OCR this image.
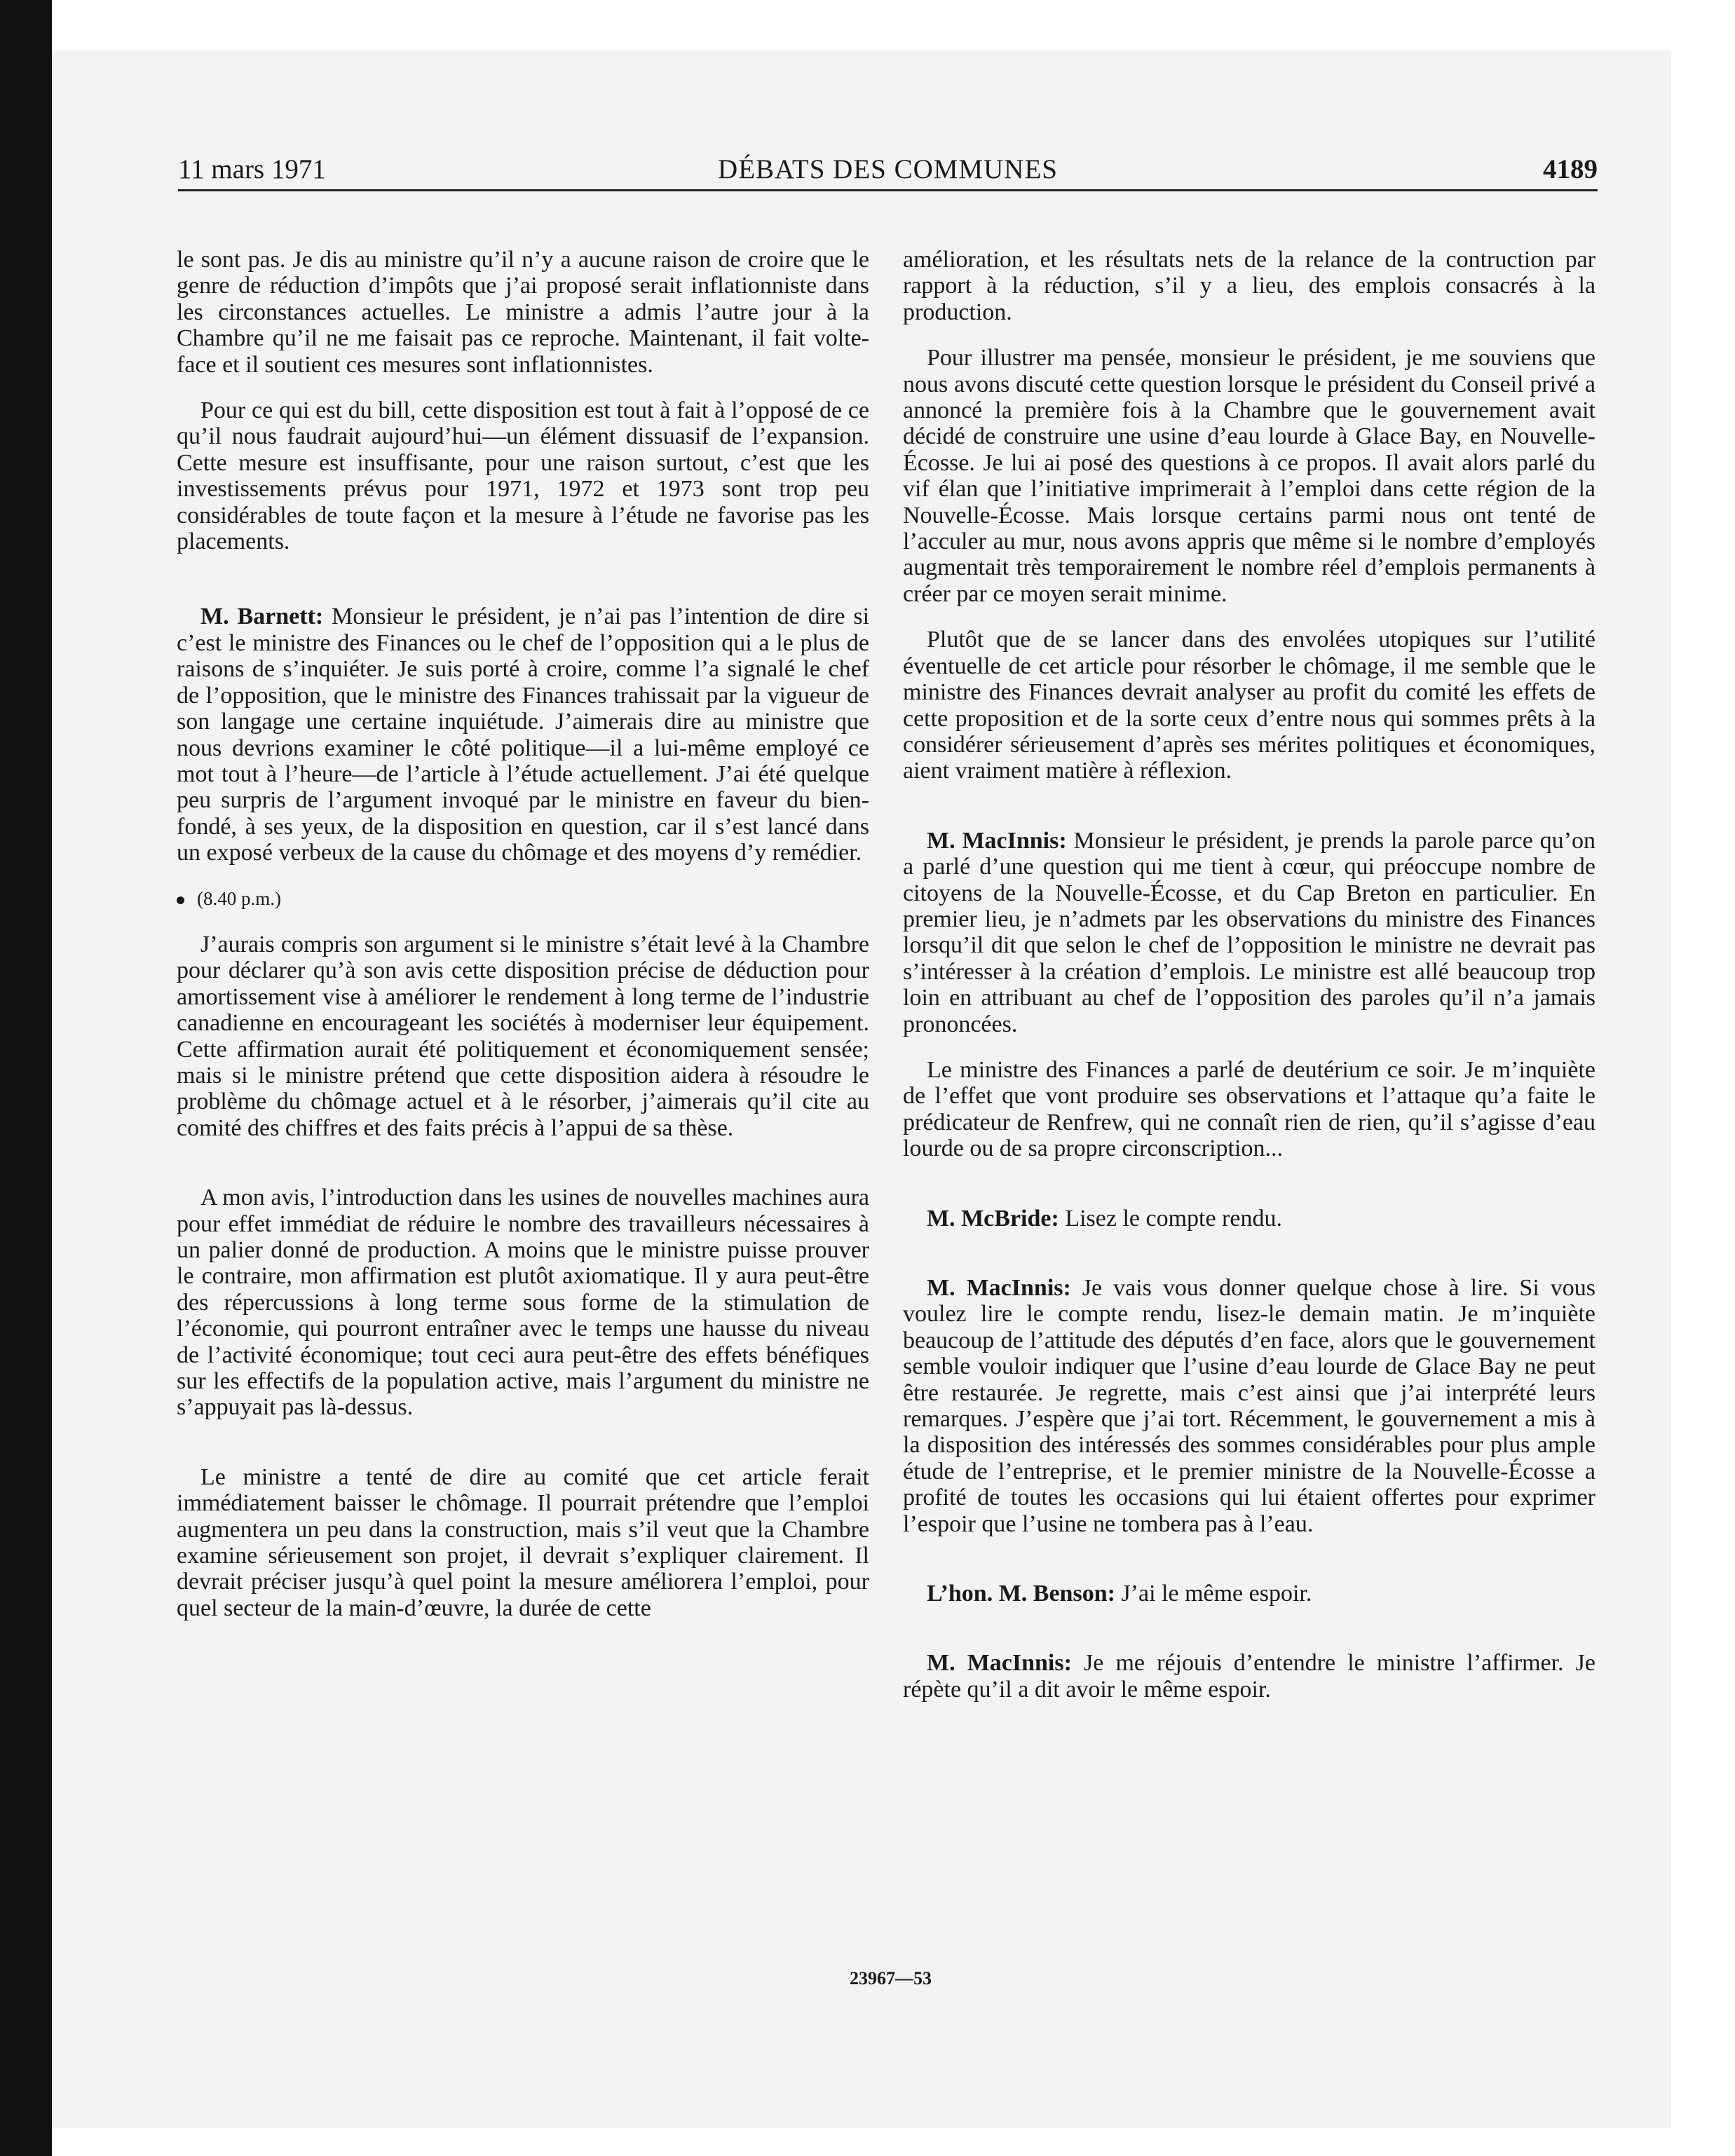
11 mars 1971	DÉBATS DES COMMUNES	4189

le sont pas. Je dis au ministre qu’il n’y a aucune raison de croire que le genre de réduction d’impôts que j’ai proposé serait inflationniste dans les circonstances actuelles. Le ministre a admis l’autre jour à la Chambre qu’il ne me faisait pas ce reproche. Maintenant, il fait volte-face et il soutient ces mesures sont inflationnistes.

Pour ce qui est du bill, cette disposition est tout à fait à l’opposé de ce qu’il nous faudrait aujourd’hui—un élément dissuasif de l’expansion. Cette mesure est insuffisante, pour une raison surtout, c’est que les investissements prévus pour 1971, 1972 et 1973 sont trop peu considérables de toute façon et la mesure à l’étude ne favorise pas les placements.

M. Barnett: Monsieur le président, je n’ai pas l’intention de dire si c’est le ministre des Finances ou le chef de l’opposition qui a le plus de raisons de s’inquiéter. Je suis porté à croire, comme l’a signalé le chef de l’opposition, que le ministre des Finances trahissait par la vigueur de son langage une certaine inquiétude. J’aimerais dire au ministre que nous devrions examiner le côté politique—il a lui-même employé ce mot tout à l’heure—de l’article à l’étude actuellement. J’ai été quelque peu surpris de l’argument invoqué par le ministre en faveur du bien-fondé, à ses yeux, de la disposition en question, car il s’est lancé dans un exposé verbeux de la cause du chômage et des moyens d’y remédier.

(8.40 p.m.)

J’aurais compris son argument si le ministre s’était levé à la Chambre pour déclarer qu’à son avis cette disposition précise de déduction pour amortissement vise à améliorer le rendement à long terme de l’industrie canadienne en encourageant les sociétés à moderniser leur équipement. Cette affirmation aurait été politiquement et économiquement sensée; mais si le ministre prétend que cette disposition aidera à résoudre le problème du chômage actuel et à le résorber, j’aimerais qu’il cite au comité des chiffres et des faits précis à l’appui de sa thèse.

A mon avis, l’introduction dans les usines de nouvelles machines aura pour effet immédiat de réduire le nombre des travailleurs nécessaires à un palier donné de production. A moins que le ministre puisse prouver le contraire, mon affirmation est plutôt axiomatique. Il y aura peut-être des répercussions à long terme sous forme de la stimulation de l’économie, qui pourront entraîner avec le temps une hausse du niveau de l’activité économique; tout ceci aura peut-être des effets bénéfiques sur les effectifs de la population active, mais l’argument du ministre ne s’appuyait pas là-dessus.

Le ministre a tenté de dire au comité que cet article ferait immédiatement baisser le chômage. Il pourrait prétendre que l’emploi augmentera un peu dans la construction, mais s’il veut que la Chambre examine sérieusement son projet, il devrait s’expliquer clairement. Il devrait préciser jusqu’à quel point la mesure améliorera l’emploi, pour quel secteur de la main-d’œuvre, la durée de cette

amélioration, et les résultats nets de la relance de la contruction par rapport à la réduction, s’il y a lieu, des emplois consacrés à la production.

Pour illustrer ma pensée, monsieur le président, je me souviens que nous avons discuté cette question lorsque le président du Conseil privé a annoncé la première fois à la Chambre que le gouvernement avait décidé de construire une usine d’eau lourde à Glace Bay, en Nouvelle-Écosse. Je lui ai posé des questions à ce propos. Il avait alors parlé du vif élan que l’initiative imprimerait à l’emploi dans cette région de la Nouvelle-Écosse. Mais lorsque certains parmi nous ont tenté de l’acculer au mur, nous avons appris que même si le nombre d’employés augmentait très temporairement le nombre réel d’emplois permanents à créer par ce moyen serait minime.

Plutôt que de se lancer dans des envolées utopiques sur l’utilité éventuelle de cet article pour résorber le chômage, il me semble que le ministre des Finances devrait analyser au profit du comité les effets de cette proposition et de la sorte ceux d’entre nous qui sommes prêts à la considérer sérieusement d’après ses mérites politiques et économiques, aient vraiment matière à réflexion.

M. MacInnis: Monsieur le président, je prends la parole parce qu’on a parlé d’une question qui me tient à cœur, qui préoccupe nombre de citoyens de la Nouvelle-Écosse, et du Cap Breton en particulier. En premier lieu, je n’admets par les observations du ministre des Finances lorsqu’il dit que selon le chef de l’opposition le ministre ne devrait pas s’intéresser à la création d’emplois. Le ministre est allé beaucoup trop loin en attribuant au chef de l’opposition des paroles qu’il n’a jamais prononcées.

Le ministre des Finances a parlé de deutérium ce soir. Je m’inquiète de l’effet que vont produire ses observations et l’attaque qu’a faite le prédicateur de Renfrew, qui ne connaît rien de rien, qu’il s’agisse d’eau lourde ou de sa propre circonscription...

M. McBride: Lisez le compte rendu.

M. MacInnis: Je vais vous donner quelque chose à lire. Si vous voulez lire le compte rendu, lisez-le demain matin. Je m’inquiète beaucoup de l’attitude des députés d’en face, alors que le gouvernement semble vouloir indiquer que l’usine d’eau lourde de Glace Bay ne peut être restaurée. Je regrette, mais c’est ainsi que j’ai interprété leurs remarques. J’espère que j’ai tort. Récemment, le gouvernement a mis à la disposition des intéressés des sommes considérables pour plus ample étude de l’entreprise, et le premier ministre de la Nouvelle-Écosse a profité de toutes les occasions qui lui étaient offertes pour exprimer l’espoir que l’usine ne tombera pas à l’eau.

L’hon. M. Benson: J’ai le même espoir.

M. MacInnis: Je me réjouis d’entendre le ministre l’affirmer. Je répète qu’il a dit avoir le même espoir.

23967—53
